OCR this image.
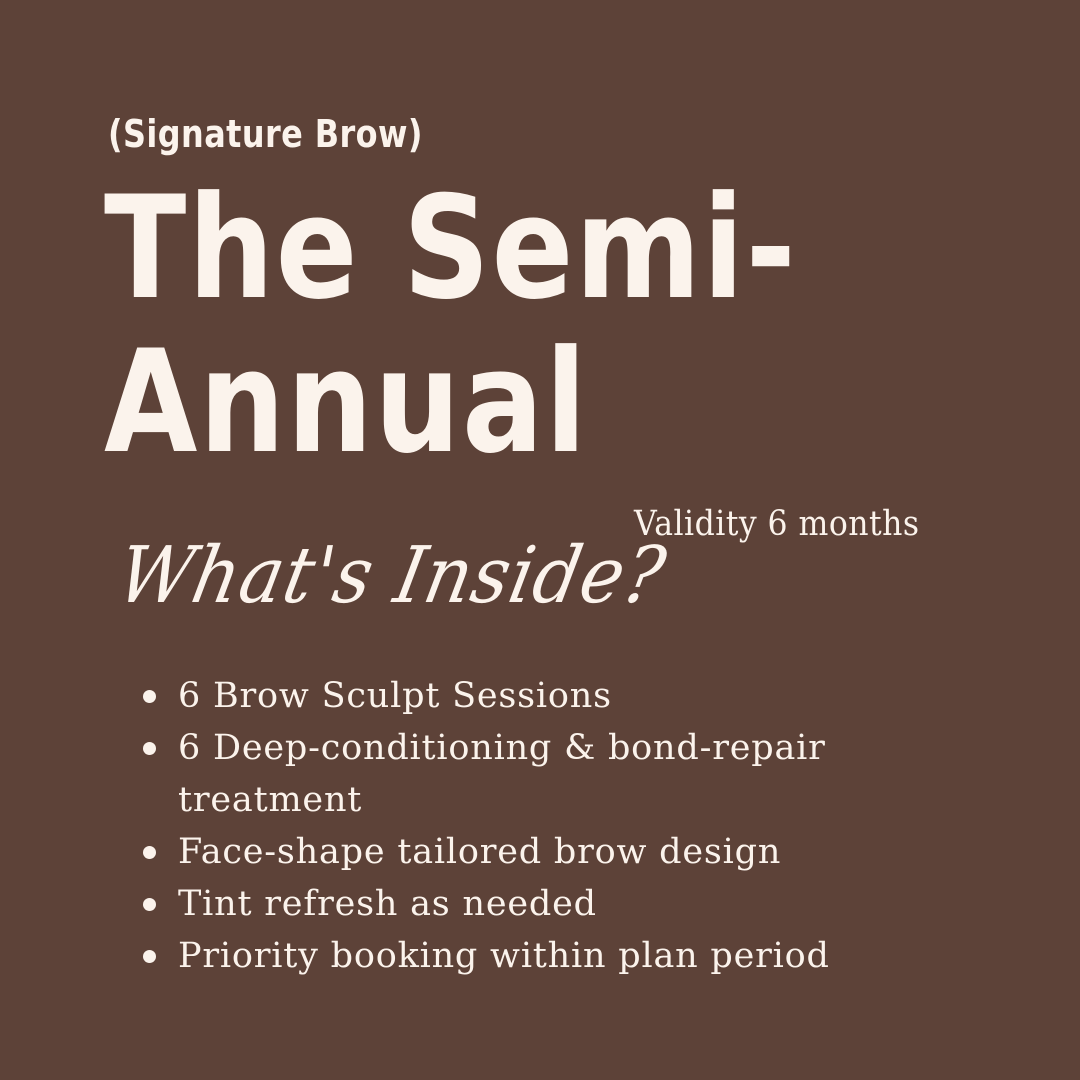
(Signature Brow)
The Semi-
Annual

Validity 6 months

What's Inside?
6 Brow Sculpt Sessions
6 Deep-conditioning & bond-repair
treatment
Face-shape tailored brow design
Tint refresh as needed
Priority booking within plan period
